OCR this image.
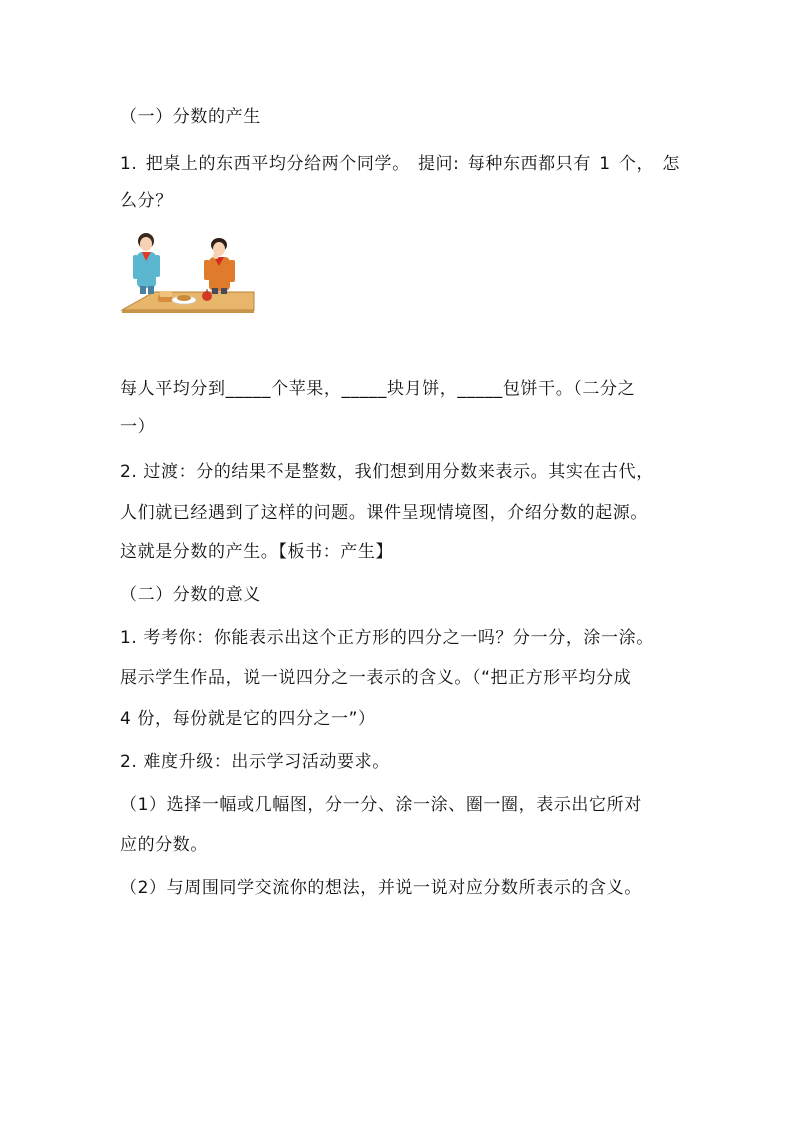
（一）分数的产生
1. 把桌上的东西平均分给两个同学。 提问: 每种东西都只有 1 个， 怎
么分？
每人平均分到_____个苹果，_____块月饼，_____包饼干。（二分之
一）
2. 过渡：分的结果不是整数，我们想到用分数来表示。其实在古代，
人们就已经遇到了这样的问题。课件呈现情境图，介绍分数的起源。
这就是分数的产生。【板书：产生】
（二）分数的意义
1. 考考你：你能表示出这个正方形的四分之一吗？分一分，涂一涂。
展示学生作品，说一说四分之一表示的含义。（“把正方形平均分成
4 份，每份就是它的四分之一”）
2. 难度升级：出示学习活动要求。
（1）选择一幅或几幅图，分一分、涂一涂、圈一圈，表示出它所对
应的分数。
（2）与周围同学交流你的想法，并说一说对应分数所表示的含义。
